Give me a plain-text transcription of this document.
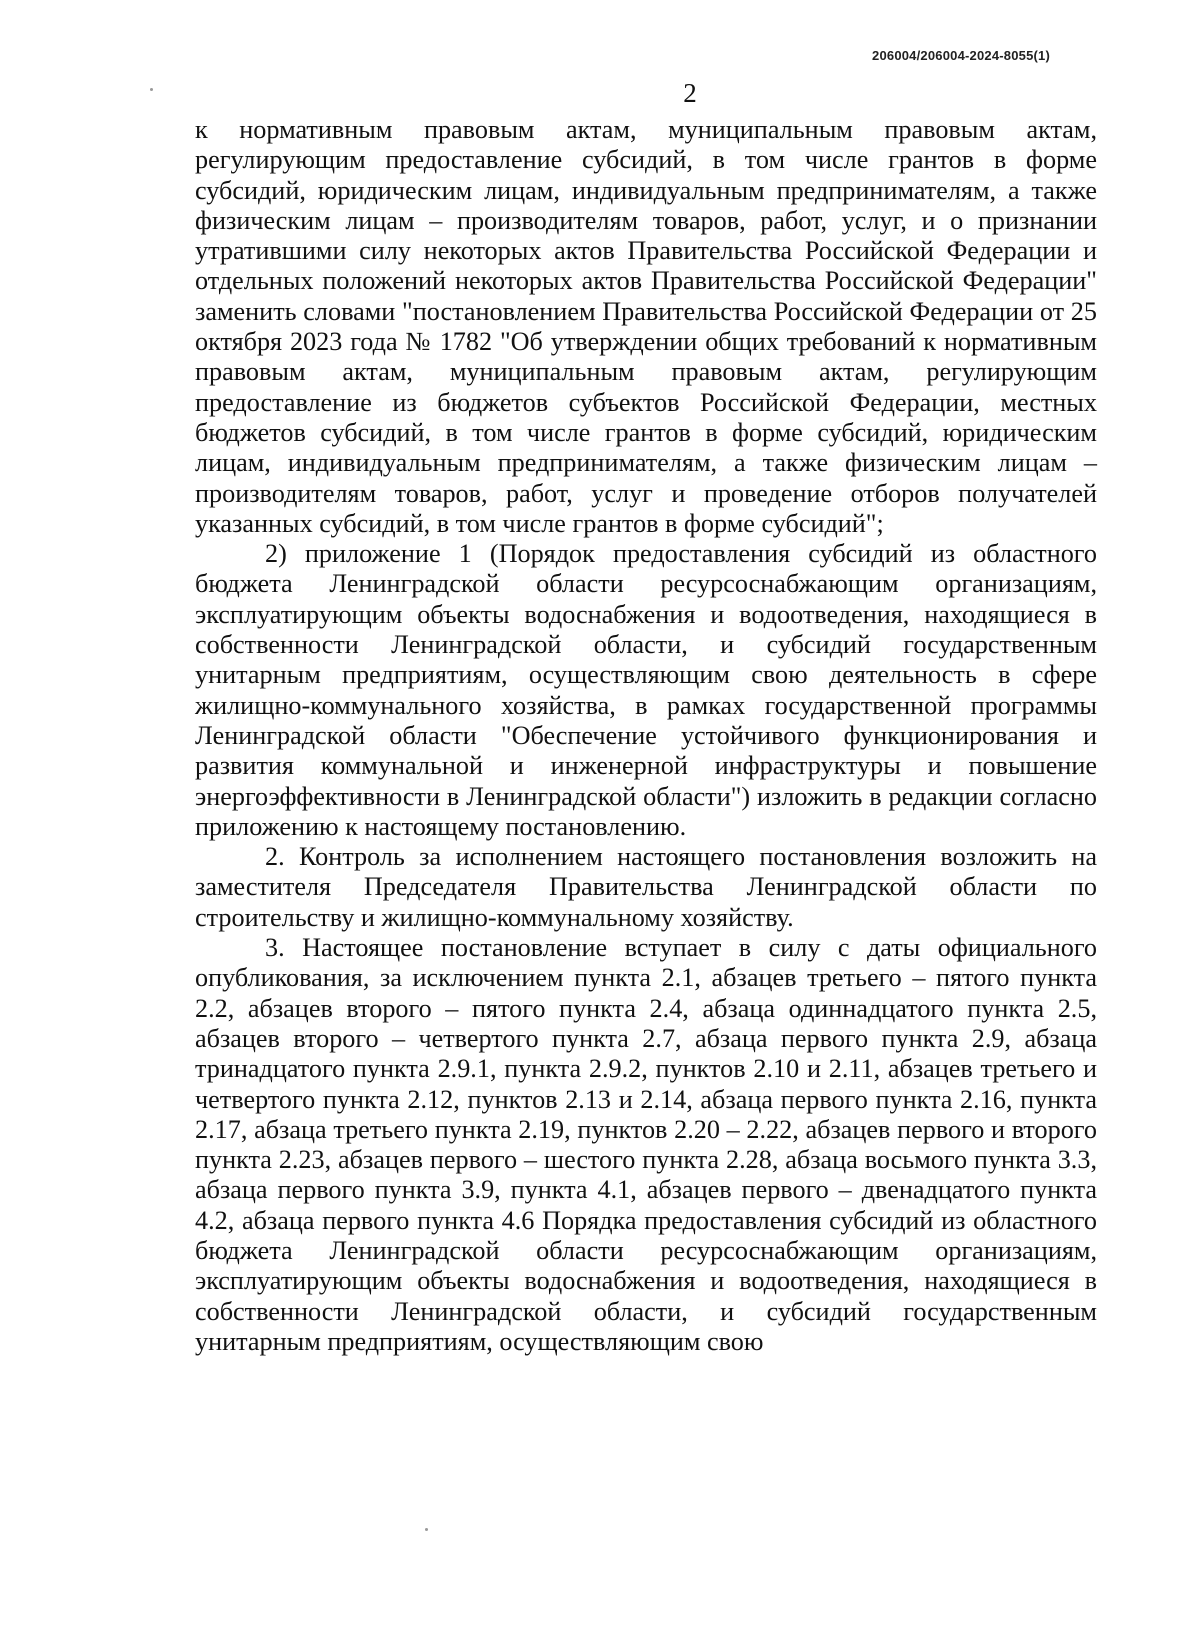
206004/206004-2024-8055(1)
2

к нормативным правовым актам, муниципальным правовым актам, регулирующим предоставление субсидий, в том числе грантов в форме субсидий, юридическим лицам, индивидуальным предпринимателям, а также физическим лицам – производителям товаров, работ, услуг, и о признании утратившими силу некоторых актов Правительства Российской Федерации и отдельных положений некоторых актов Правительства Российской Федерации" заменить словами "постановлением Правительства Российской Федерации от 25 октября 2023 года № 1782 "Об утверждении общих требований к нормативным правовым актам, муниципальным правовым актам, регулирующим предоставление из бюджетов субъектов Российской Федерации, местных бюджетов субсидий, в том числе грантов в форме субсидий, юридическим лицам, индивидуальным предпринимателям, а также физическим лицам – производителям товаров, работ, услуг и проведение отборов получателей указанных субсидий, в том числе грантов в форме субсидий";

2) приложение 1 (Порядок предоставления субсидий из областного бюджета Ленинградской области ресурсоснабжающим организациям, эксплуатирующим объекты водоснабжения и водоотведения, находящиеся в собственности Ленинградской области, и субсидий государственным унитарным предприятиям, осуществляющим свою деятельность в сфере жилищно-коммунального хозяйства, в рамках государственной программы Ленинградской области "Обеспечение устойчивого функционирования и развития коммунальной и инженерной инфраструктуры и повышение энергоэффективности в Ленинградской области") изложить в редакции согласно приложению к настоящему постановлению.

2. Контроль за исполнением настоящего постановления возложить на заместителя Председателя Правительства Ленинградской области по строительству и жилищно-коммунальному хозяйству.

3. Настоящее постановление вступает в силу с даты официального опубликования, за исключением пункта 2.1, абзацев третьего – пятого пункта 2.2, абзацев второго – пятого пункта 2.4, абзаца одиннадцатого пункта 2.5, абзацев второго – четвертого пункта 2.7, абзаца первого пункта 2.9, абзаца тринадцатого пункта 2.9.1, пункта 2.9.2, пунктов 2.10 и 2.11, абзацев третьего и четвертого пункта 2.12, пунктов 2.13 и 2.14, абзаца первого пункта 2.16, пункта 2.17, абзаца третьего пункта 2.19, пунктов 2.20 – 2.22, абзацев первого и второго пункта 2.23, абзацев первого – шестого пункта 2.28, абзаца восьмого пункта 3.3, абзаца первого пункта 3.9, пункта 4.1, абзацев первого – двенадцатого пункта 4.2, абзаца первого пункта 4.6 Порядка предоставления субсидий из областного бюджета Ленинградской области ресурсоснабжающим организациям, эксплуатирующим объекты водоснабжения и водоотведения, находящиеся в собственности Ленинградской области, и субсидий государственным унитарным предприятиям, осуществляющим свою
